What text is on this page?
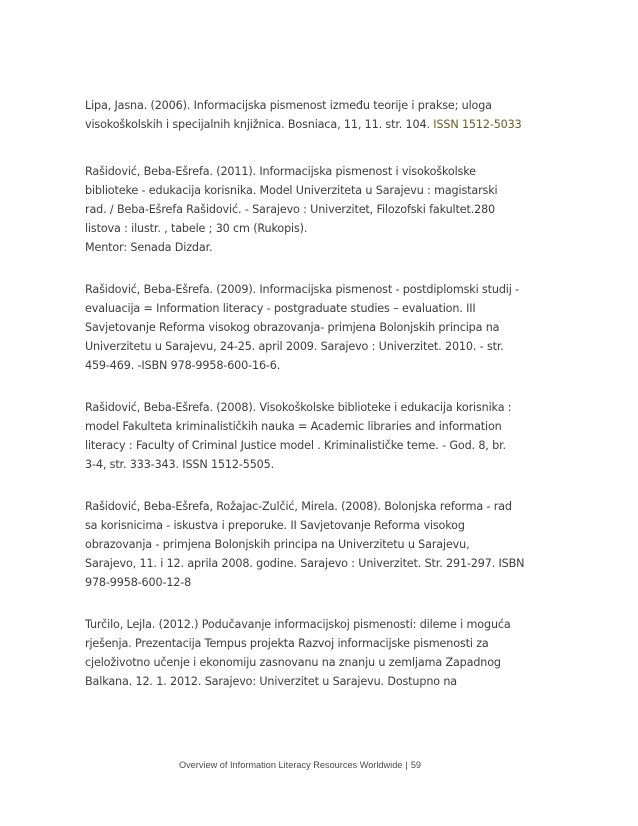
Lipa, Jasna. (2006). Informacijska pismenost između teorije i prakse; uloga
visokoškolskih i specijalnih knjižnica. Bosniaca, 11, 11. str. 104. ISSN 1512-5033
Rašidović, Beba-Ešrefa. (2011). Informacijska pismenost i visokoškolske
biblioteke - edukacija korisnika. Model Univerziteta u Sarajevu : magistarski
rad. / Beba-Ešrefa Rašidović. - Sarajevo : Univerzitet, Filozofski fakultet.280
listova : ilustr. , tabele ; 30 cm (Rukopis).
Mentor: Senada Dizdar.
Rašidović, Beba-Ešrefa. (2009). Informacijska pismenost - postdiplomski studij -
evaluacija = Information literacy - postgraduate studies – evaluation. III
Savjetovanje Reforma visokog obrazovanja- primjena Bolonjskih principa na
Univerzitetu u Sarajevu, 24-25. april 2009. Sarajevo : Univerzitet. 2010. - str.
459-469. -ISBN 978-9958-600-16-6.
Rašidović, Beba-Ešrefa. (2008). Visokoškolske biblioteke i edukacija korisnika :
model Fakulteta kriminalističkih nauka = Academic libraries and information
literacy : Faculty of Criminal Justice model . Kriminalističke teme. - God. 8, br.
3-4, str. 333-343. ISSN 1512-5505.
Rašidović, Beba-Ešrefa, Rožajac-Zulčić, Mirela. (2008). Bolonjska reforma - rad
sa korisnicima - iskustva i preporuke. II Savjetovanje Reforma visokog
obrazovanja - primjena Bolonjskih principa na Univerzitetu u Sarajevu,
Sarajevo, 11. i 12. aprila 2008. godine. Sarajevo : Univerzitet. Str. 291-297. ISBN
978-9958-600-12-8
Turčilo, Lejla. (2012.) Podučavanje informacijskoj pismenosti: dileme i moguća
rješenja. Prezentacija Tempus projekta Razvoj informacijske pismenosti za
cjeloživotno učenje i ekonomiju zasnovanu na znanju u zemljama Zapadnog
Balkana. 12. 1. 2012. Sarajevo: Univerzitet u Sarajevu. Dostupno na
Overview of Information Literacy Resources Worldwide | 59
